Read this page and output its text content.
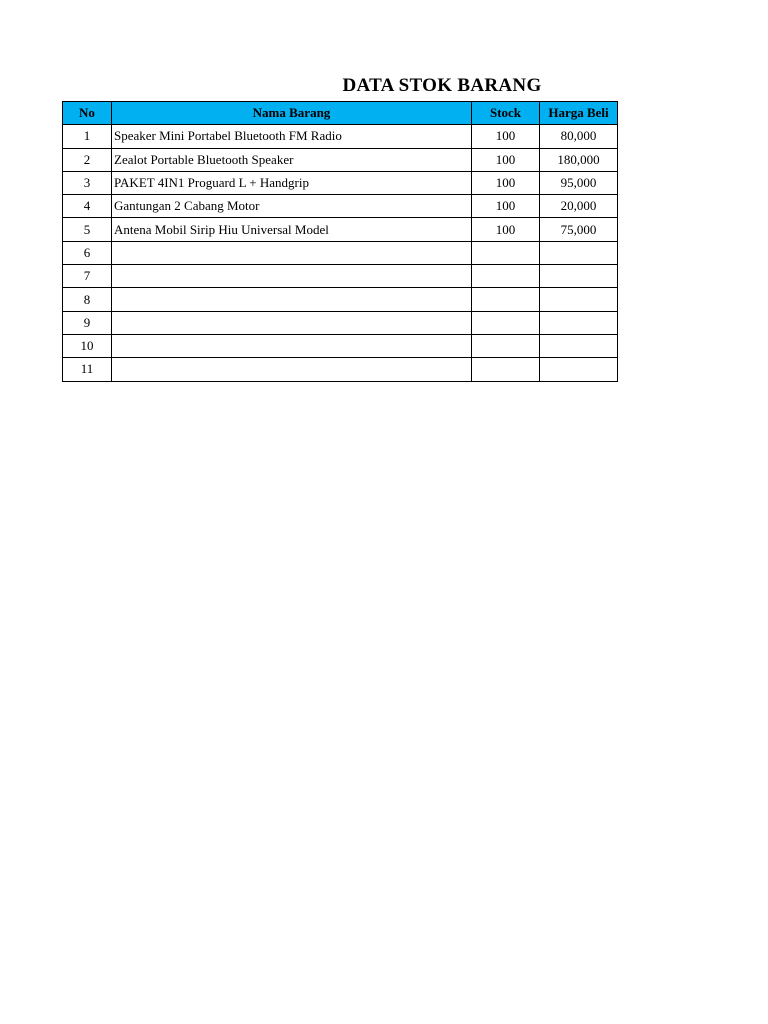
DATA STOK BARANG
No	Nama Barang	Stock	Harga Beli
1	Speaker Mini Portabel Bluetooth FM Radio	100	80,000
2	Zealot Portable Bluetooth Speaker	100	180,000
3	PAKET 4IN1 Proguard L + Handgrip	100	95,000
4	Gantungan 2 Cabang Motor	100	20,000
5	Antena Mobil Sirip Hiu Universal Model	100	75,000
6			
7			
8			
9			
10			
11			
